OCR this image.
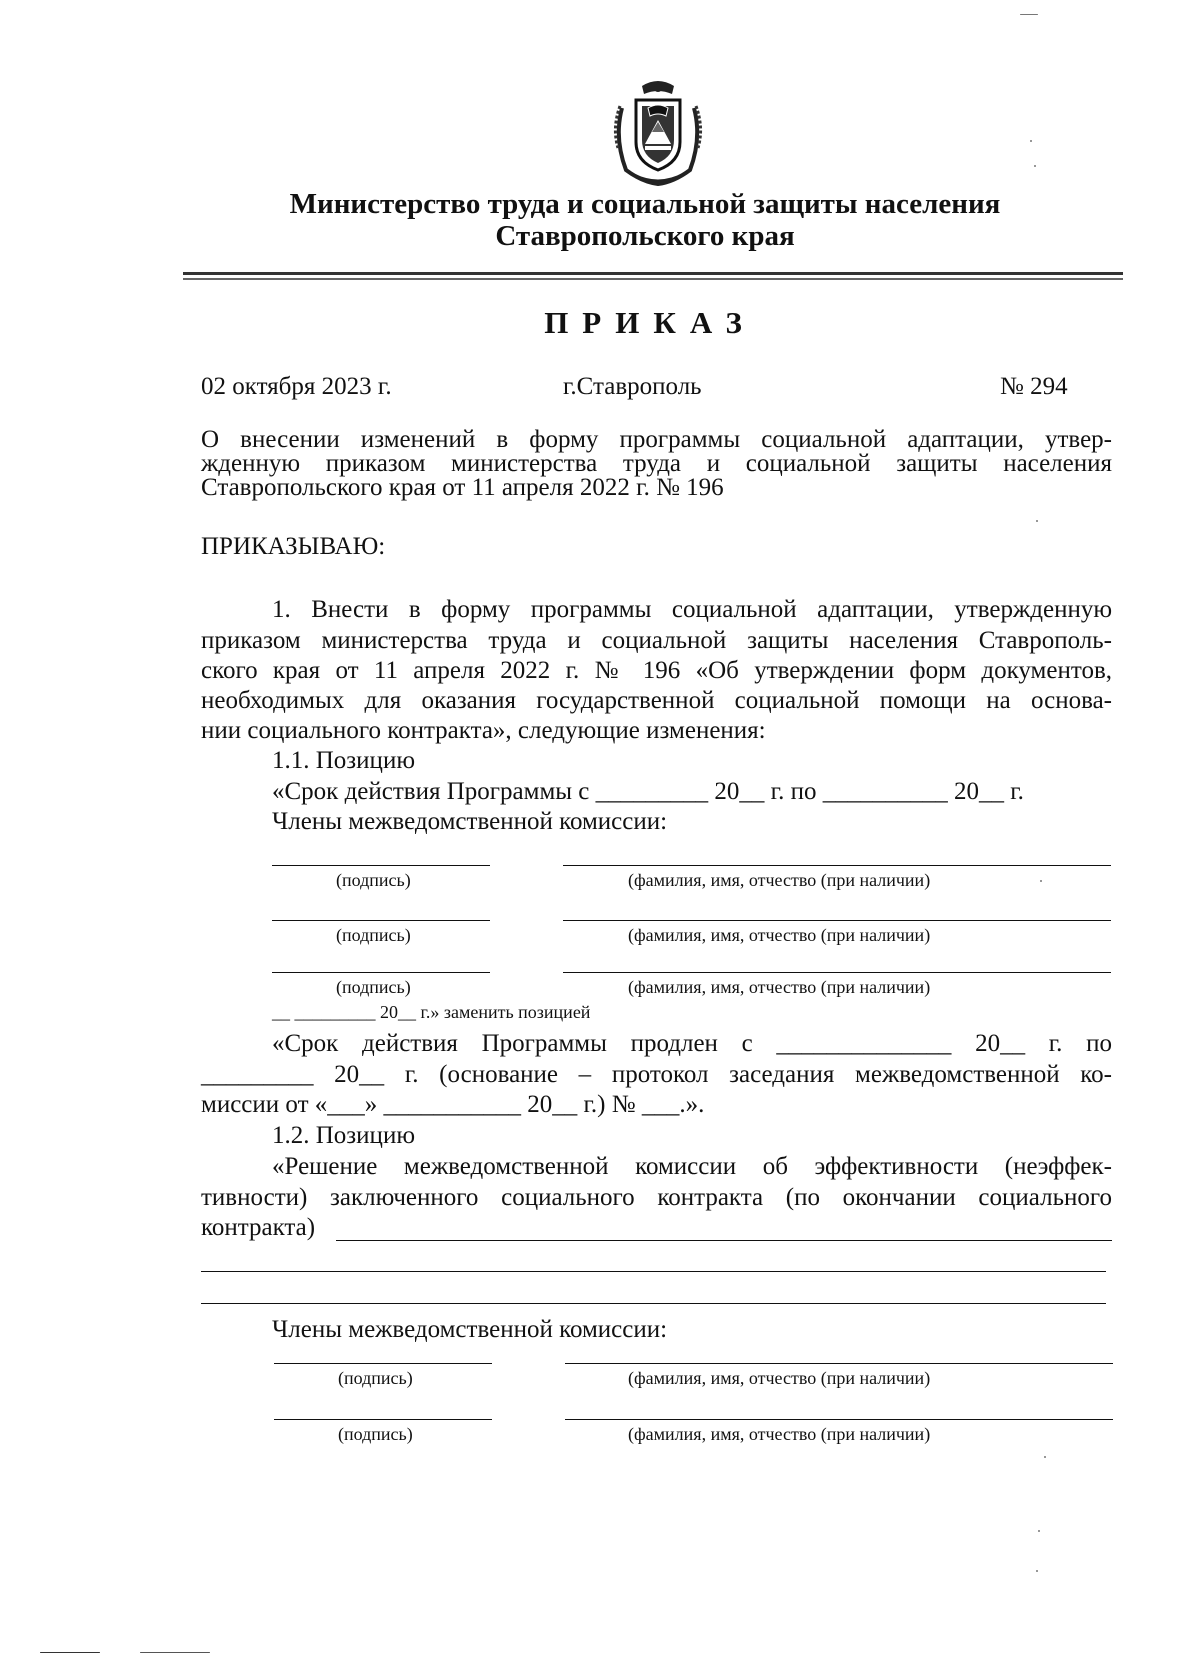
Министерство труда и социальной защиты населения
Ставропольского края
ПРИКАЗ
02 октября 2023 г.	г.Ставрополь	№ 294
О внесении изменений в форму программы социальной адаптации, утвер-
жденную приказом министерства труда и социальной защиты населения
Ставропольского края от 11 апреля 2022 г. № 196
ПРИКАЗЫВАЮ:
1. Внести в форму программы социальной адаптации, утвержденную
приказом министерства труда и социальной защиты населения Ставрополь-
ского края от 11 апреля 2022 г. № 196 «Об утверждении форм документов,
необходимых для оказания государственной социальной помощи на основа-
нии социального контракта», следующие изменения:
1.1. Позицию
«Срок действия Программы с _________ 20__ г. по __________ 20__ г.
Члены межведомственной комиссии:
(подпись)	(фамилия, имя, отчество (при наличии)
(подпись)	(фамилия, имя, отчество (при наличии)
(подпись)	(фамилия, имя, отчество (при наличии)
__ _________ 20__ г.» заменить позицией
«Срок действия Программы продлен с ______________ 20__ г. по
_________ 20__ г. (основание – протокол заседания межведомственной ко-
миссии от «___» ___________ 20__ г.) № ___.».
1.2. Позицию
«Решение межведомственной комиссии об эффективности (неэффек-
тивности) заключенного социального контракта (по окончании социального
контракта)
Члены межведомственной комиссии:
(подпись)	(фамилия, имя, отчество (при наличии)
(подпись)	(фамилия, имя, отчество (при наличии)
